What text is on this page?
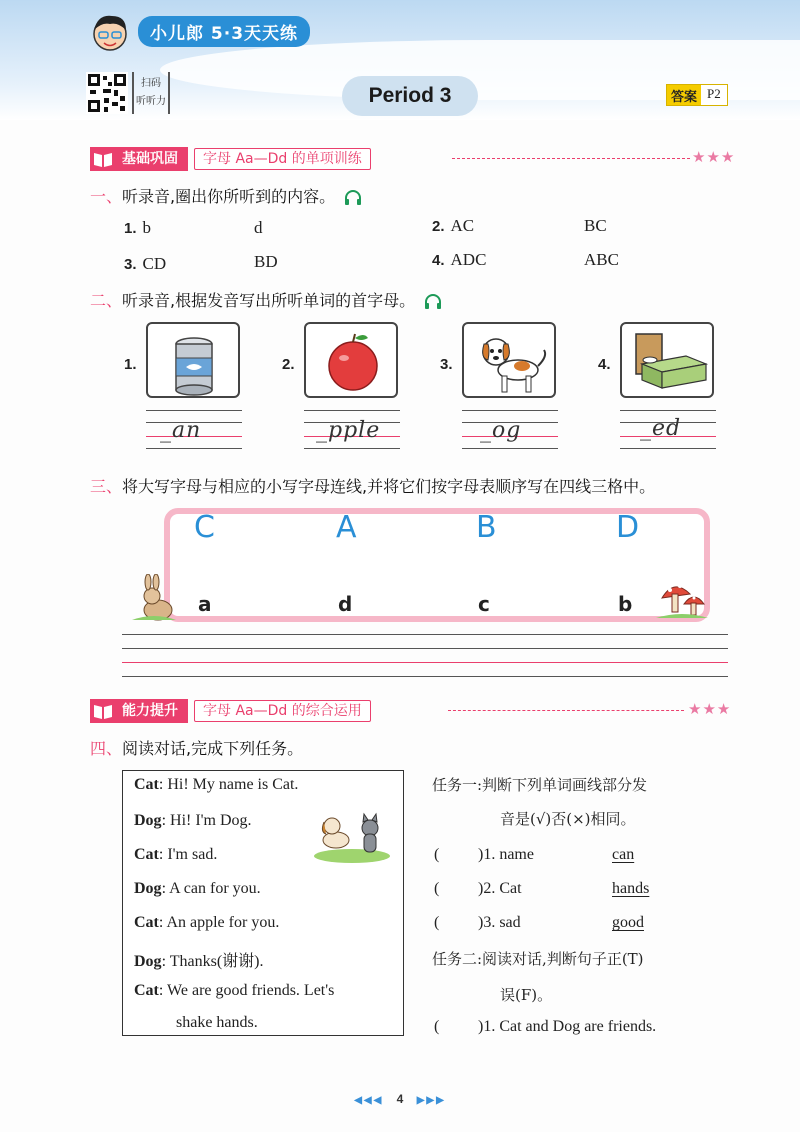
小儿郎 5·3天天练
扫码
听听力	Period 3	答案 P2
基础巩固	字母 Aa—Dd 的单项训练	★★★
一、听录音,圈出你所听到的内容。
1. b	d	2. AC	BC
3. CD	BD	4. ADC	ABC
二、听录音,根据发音写出所听单词的首字母。
1.	2.	3.	4.
_an	_pple	_og	_ed
三、将大写字母与相应的小写字母连线,并将它们按字母表顺序写在四线三格中。
C	A	B	D
a	d	c	b
能力提升	字母 Aa—Dd 的综合运用	★★★
四、阅读对话,完成下列任务。
Cat: Hi! My name is Cat.
Dog: Hi! I'm Dog.
Cat: I'm sad.
Dog: A can for you.
Cat: An apple for you.
Dog: Thanks(谢谢).
Cat: We are good friends. Let's
shake hands.
任务一:判断下列单词画线部分发
音是(√)否(×)相同。
( )1. name	can
( )2. Cat	hands
( )3. sad	good
任务二:阅读对话,判断句子正(T)
误(F)。
( )1. Cat and Dog are friends.
◀◀◀ 4 ▶▶▶
